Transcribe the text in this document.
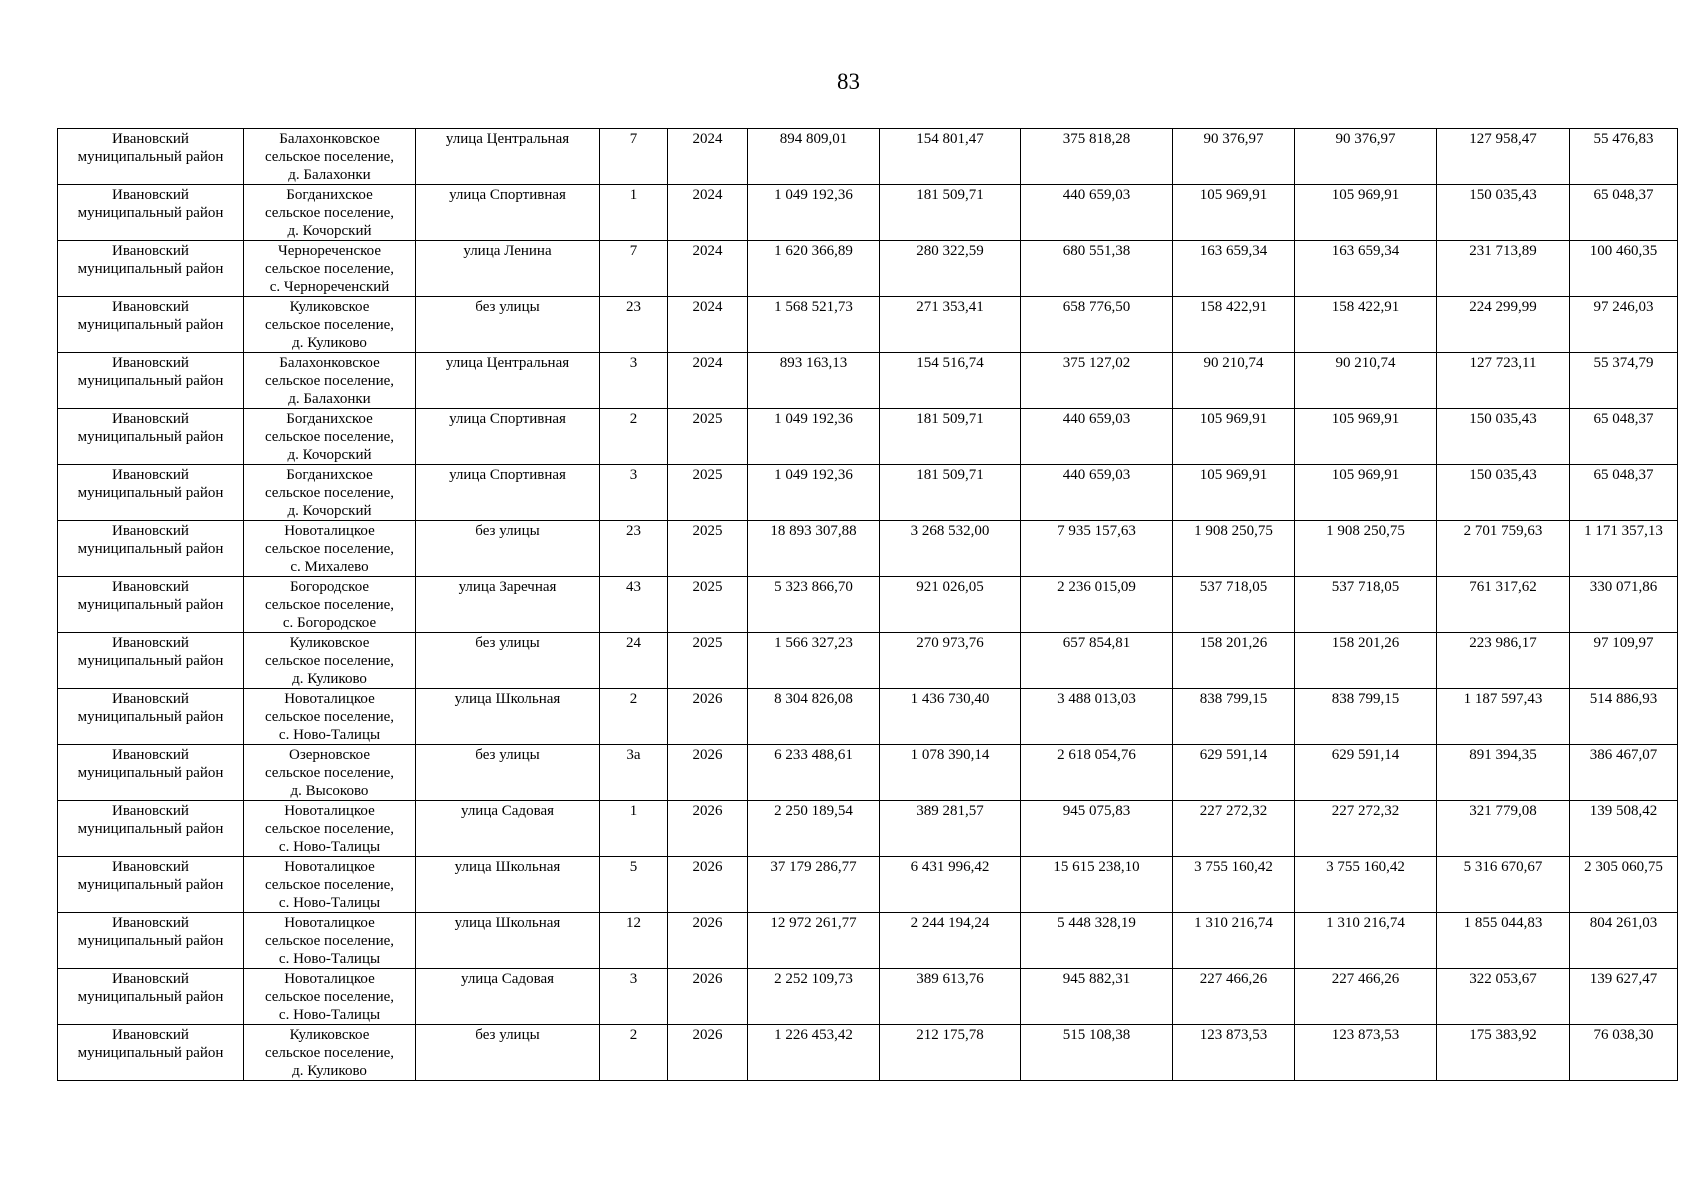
83
Ивановский муниципальный район	Балахонковское
сельское поселение,
д. Балахонки	улица Центральная	7	2024	894 809,01	154 801,47	375 818,28	90 376,97	90 376,97	127 958,47	55 476,83
Ивановский муниципальный район	Богданихское
сельское поселение,
д. Кочорский	улица Спортивная	1	2024	1 049 192,36	181 509,71	440 659,03	105 969,91	105 969,91	150 035,43	65 048,37
Ивановский муниципальный район	Чернореченское
сельское поселение,
с. Чернореченский	улица Ленина	7	2024	1 620 366,89	280 322,59	680 551,38	163 659,34	163 659,34	231 713,89	100 460,35
Ивановский муниципальный район	Куликовское
сельское поселение,
д. Куликово	без улицы	23	2024	1 568 521,73	271 353,41	658 776,50	158 422,91	158 422,91	224 299,99	97 246,03
Ивановский муниципальный район	Балахонковское
сельское поселение,
д. Балахонки	улица Центральная	3	2024	893 163,13	154 516,74	375 127,02	90 210,74	90 210,74	127 723,11	55 374,79
Ивановский муниципальный район	Богданихское
сельское поселение,
д. Кочорский	улица Спортивная	2	2025	1 049 192,36	181 509,71	440 659,03	105 969,91	105 969,91	150 035,43	65 048,37
Ивановский муниципальный район	Богданихское
сельское поселение,
д. Кочорский	улица Спортивная	3	2025	1 049 192,36	181 509,71	440 659,03	105 969,91	105 969,91	150 035,43	65 048,37
Ивановский муниципальный район	Новоталицкое
сельское поселение,
с. Михалево	без улицы	23	2025	18 893 307,88	3 268 532,00	7 935 157,63	1 908 250,75	1 908 250,75	2 701 759,63	1 171 357,13
Ивановский муниципальный район	Богородское
сельское поселение,
с. Богородское	улица Заречная	43	2025	5 323 866,70	921 026,05	2 236 015,09	537 718,05	537 718,05	761 317,62	330 071,86
Ивановский муниципальный район	Куликовское
сельское поселение,
д. Куликово	без улицы	24	2025	1 566 327,23	270 973,76	657 854,81	158 201,26	158 201,26	223 986,17	97 109,97
Ивановский муниципальный район	Новоталицкое
сельское поселение,
с. Ново-Талицы	улица Школьная	2	2026	8 304 826,08	1 436 730,40	3 488 013,03	838 799,15	838 799,15	1 187 597,43	514 886,93
Ивановский муниципальный район	Озерновское
сельское поселение,
д. Высоково	без улицы	3а	2026	6 233 488,61	1 078 390,14	2 618 054,76	629 591,14	629 591,14	891 394,35	386 467,07
Ивановский муниципальный район	Новоталицкое
сельское поселение,
с. Ново-Талицы	улица Садовая	1	2026	2 250 189,54	389 281,57	945 075,83	227 272,32	227 272,32	321 779,08	139 508,42
Ивановский муниципальный район	Новоталицкое
сельское поселение,
с. Ново-Талицы	улица Школьная	5	2026	37 179 286,77	6 431 996,42	15 615 238,10	3 755 160,42	3 755 160,42	5 316 670,67	2 305 060,75
Ивановский муниципальный район	Новоталицкое
сельское поселение,
с. Ново-Талицы	улица Школьная	12	2026	12 972 261,77	2 244 194,24	5 448 328,19	1 310 216,74	1 310 216,74	1 855 044,83	804 261,03
Ивановский муниципальный район	Новоталицкое
сельское поселение,
с. Ново-Талицы	улица Садовая	3	2026	2 252 109,73	389 613,76	945 882,31	227 466,26	227 466,26	322 053,67	139 627,47
Ивановский муниципальный район	Куликовское
сельское поселение,
д. Куликово	без улицы	2	2026	1 226 453,42	212 175,78	515 108,38	123 873,53	123 873,53	175 383,92	76 038,30
